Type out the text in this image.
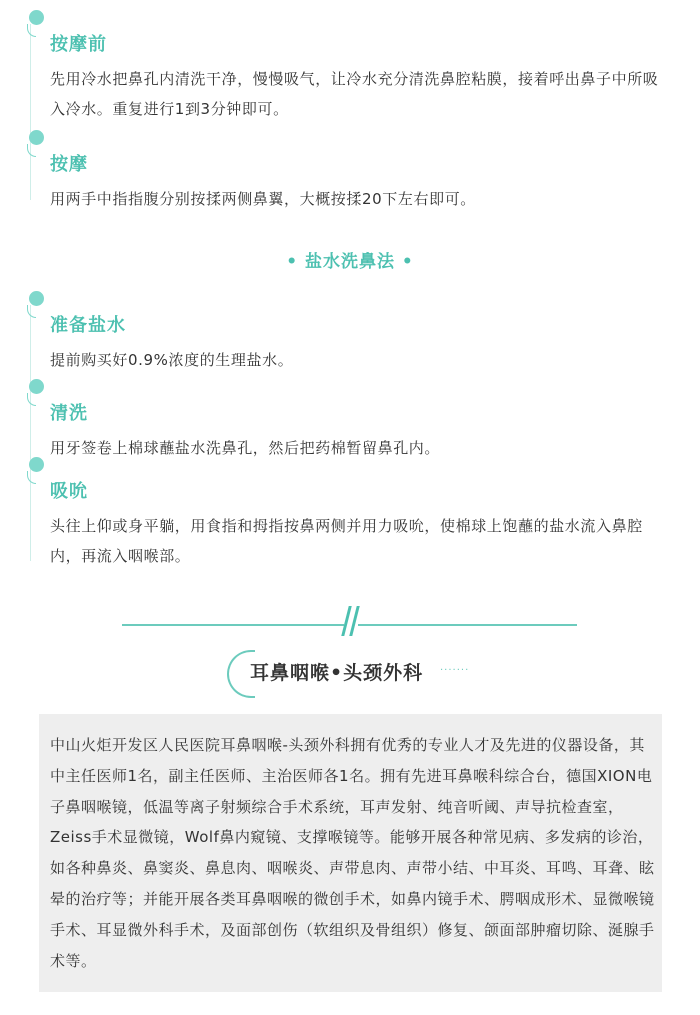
按摩前

先用冷水把鼻孔内清洗干净，慢慢吸气，让冷水充分清洗鼻腔粘膜，接着呼出鼻子中所吸入冷水。重复进行1到3分钟即可。

按摩

用两手中指指腹分别按揉两侧鼻翼，大概按揉20下左右即可。

• 盐水洗鼻法 •
准备盐水

提前购买好0.9%浓度的生理盐水。

清洗

用牙签卷上棉球蘸盐水洗鼻孔，然后把药棉暂留鼻孔内。

吸吮

头往上仰或身平躺，用食指和拇指按鼻两侧并用力吸吮，使棉球上饱蘸的盐水流入鼻腔内，再流入咽喉部。

耳鼻咽喉•头颈外科 ·······

中山火炬开发区人民医院耳鼻咽喉-头颈外科拥有优秀的专业人才及先进的仪器设备，其中主任医师1名，副主任医师、主治医师各1名。拥有先进耳鼻喉科综合台，德国XION电子鼻咽喉镜，低温等离子射频综合手术系统，耳声发射、纯音听阈、声导抗检查室，Zeiss手术显微镜，Wolf鼻内窥镜、支撑喉镜等。能够开展各种常见病、多发病的诊治，如各种鼻炎、鼻窦炎、鼻息肉、咽喉炎、声带息肉、声带小结、中耳炎、耳鸣、耳聋、眩晕的治疗等；并能开展各类耳鼻咽喉的微创手术，如鼻内镜手术、腭咽成形术、显微喉镜手术、耳显微外科手术，及面部创伤（软组织及骨组织）修复、颌面部肿瘤切除、涎腺手术等。
